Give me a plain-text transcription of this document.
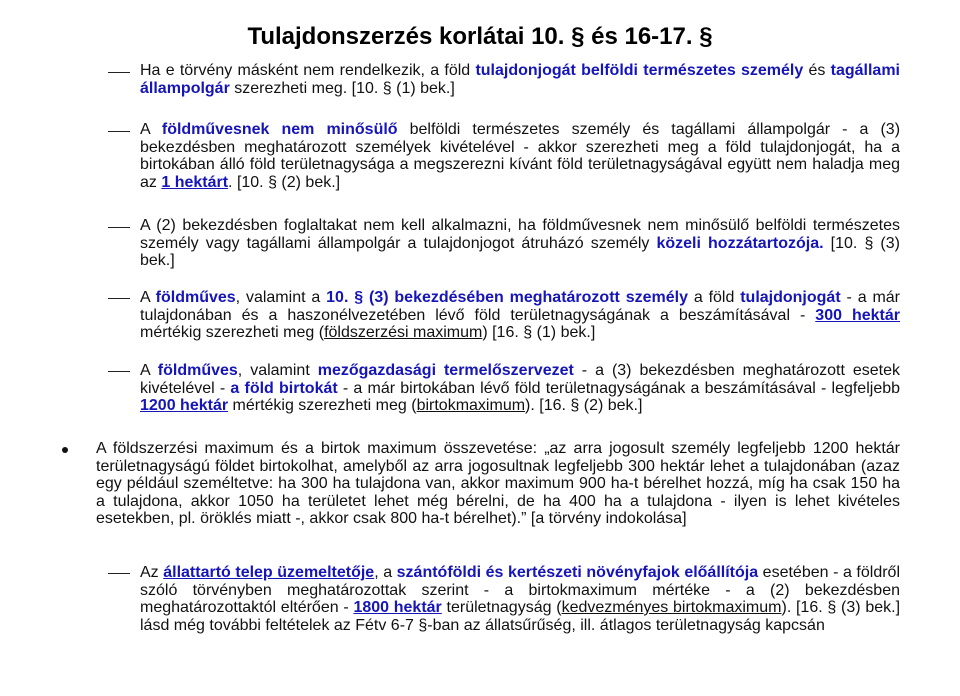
Tulajdonszerzés korlátai 10. § és 16-17. §
Ha e törvény másként nem rendelkezik, a föld tulajdonjogát belföldi természetes személy és tagállami állampolgár szerezheti meg. [10. § (1) bek.]
A földművesnek nem minősülő belföldi természetes személy és tagállami állampolgár - a (3) bekezdésben meghatározott személyek kivételével - akkor szerezheti meg a föld tulajdonjogát, ha a birtokában álló föld területnagysága a megszerezni kívánt föld területnagyságával együtt nem haladja meg az 1 hektárt. [10. § (2) bek.]
A (2) bekezdésben foglaltakat nem kell alkalmazni, ha földművesnek nem minősülő belföldi természetes személy vagy tagállami állampolgár a tulajdonjogot átruházó személy közeli hozzátartozója. [10. § (3) bek.]
A földműves, valamint a 10. § (3) bekezdésében meghatározott személy a föld tulajdonjogát - a már tulajdonában és a haszonélvezetében lévő föld területnagyságának a beszámításával - 300 hektár mértékig szerezheti meg (földszerzési maximum) [16. § (1) bek.]
A földműves, valamint mezőgazdasági termelőszervezet - a (3) bekezdésben meghatározott esetek kivételével - a föld birtokát - a már birtokában lévő föld területnagyságának a beszámításával - legfeljebb 1200 hektár mértékig szerezheti meg (birtokmaximum). [16. § (2) bek.]
A földszerzési maximum és a birtok maximum összevetése: „az arra jogosult személy legfeljebb 1200 hektár területnagyságú földet birtokolhat, amelyből az arra jogosultnak legfeljebb 300 hektár lehet a tulajdonában (azaz egy például személtetve: ha 300 ha tulajdona van, akkor maximum 900 ha-t bérelhet hozzá, míg ha csak 150 ha a tulajdona, akkor 1050 ha területet lehet még bérelni, de ha 400 ha a tulajdona - ilyen is lehet kivételes esetekben, pl. öröklés miatt -, akkor csak 800 ha-t bérelhet).” [a törvény indokolása]
Az állattartó telep üzemeltetője, a szántóföldi és kertészeti növényfajok előállítója esetében - a földről szóló törvényben meghatározottak szerint - a birtokmaximum mértéke - a (2) bekezdésben meghatározottaktól eltérően - 1800 hektár területnagyság (kedvezményes birtokmaximum). [16. § (3) bek.] lásd még további feltételek az Fétv 6-7 §-ban az állatsűrűség, ill. átlagos területnagyság kapcsán
